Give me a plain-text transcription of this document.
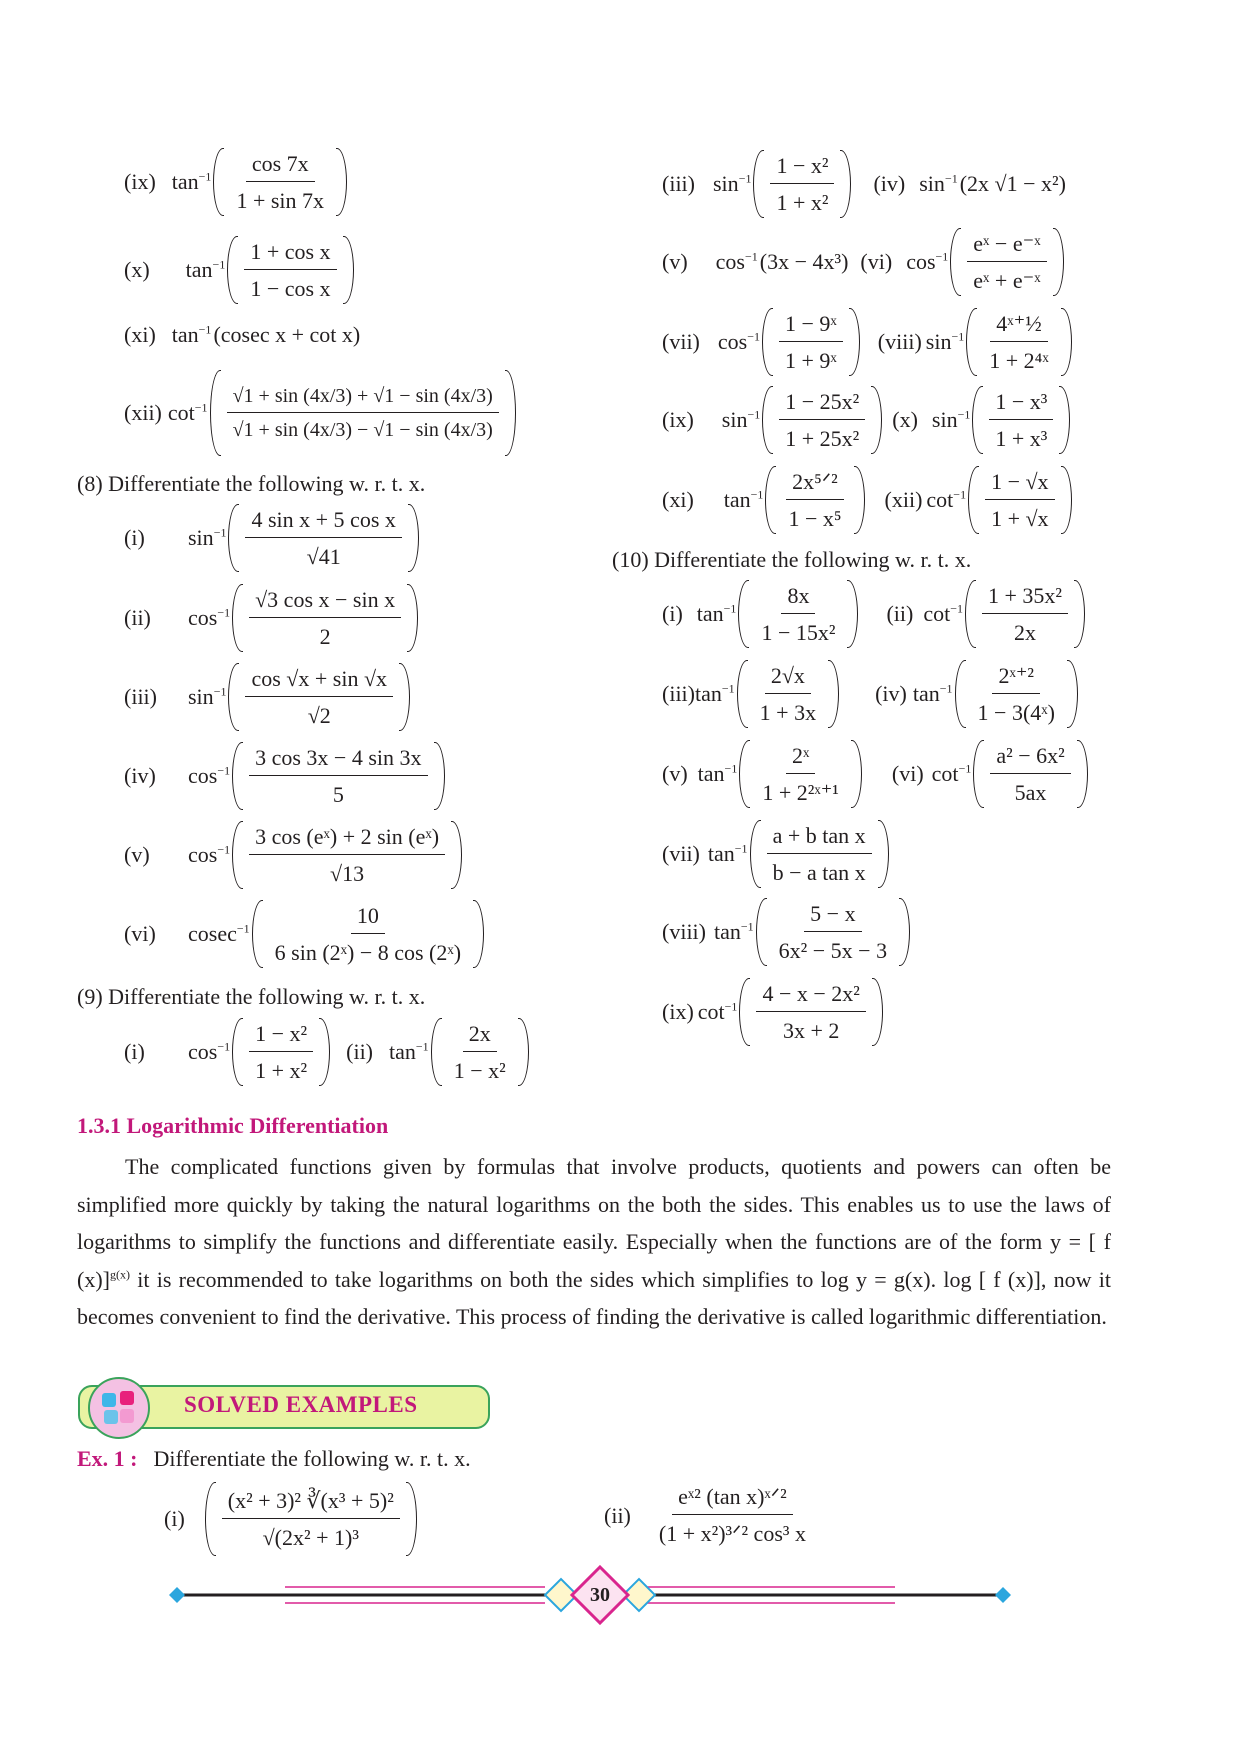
(ix) $\tan^{-1} \frac{\cos 7x}{1 + \sin 7x}$
(x) $\tan^{-1} \frac{\text{1 + cos x}}{\text{1 − cos x}}$
(xi) $\tan^{-1} (cosec$ x + cot x)
(xii) $\cot^{-1} \frac{√1 + \sin (4x/3) + √1 - \sin (4x/3)}{√1 + \sin (4x/3) - √1 - \sin (4x/3)}$
(8) Differentiate the following w. r. t. x.
(i)	$\sin^{-1} \frac{\text{4 sin x + 5 cos x}}{√41}$
(ii)	$\cos^{-1} \frac{\text{√3 cos x − sin x}}{2}$
(iii)	$\sin^{-1} \frac{\cos √x + \sin √x}{√2}$
(iv)	$\cos^{-1} \frac{3 \cos 3x - 4 \sin 3x}{5}$
(v)	$\cos^{-1} \frac{\text{3 cos (eˣ) + 2 sin (eˣ)}}{√13}$
(vi)	$cosec^{-1} \frac{10}{\text{6 sin (2ˣ) − 8 cos (2ˣ)}}$
(9) Differentiate the following w. r. t. x.
(i)	$\cos^{-1} \frac{\text{1 − x²}}{\text{1 + x²}} (ii)$ $\tan^{-1} \frac{2x}{\text{1 − x²}}$
(iii) $\sin^{-1} \frac{\text{1 − x²}}{\text{1 + x²}} (iv)$ $\sin^{-1} (2x$ √1 − x²)
(v) $\cos^{-1} (3x - 4x^3)$ (vi) $\cos^{-1} \frac{\text{eˣ − e⁻ˣ}}{\text{eˣ + e⁻ˣ}}$
(vii) $\cos^{-1} \frac{\text{1 − 9ˣ}}{\text{1 + 9ˣ}}$ (viii) $\sin^{-1} \frac{\text{4ˣ⁺½}}{\text{1 + 2⁴ˣ}}$
(ix) $\sin^{-1} \frac{\text{1 − 25x²}}{\text{1 + 25x²}} (x)$ $\sin^{-1} \frac{\text{1 − x³}}{\text{1 + x³}}$
(xi) $\tan^{-1} \frac{\text{2x⁵ᐟ²}}{\text{1 − x⁵}} (xii)$ $\cot^{-1} \frac{1 - √x}{1 + √x}$
(10) Differentiate the following w. r. t. x.
(i) $\tan^{-1} \frac{8x}{\text{1 − 15x²}} (ii)$ $\cot^{-1} \frac{\text{1 + 35x²}}{2x}$
(iii) $\tan^{-1} \frac{2√x}{1 + 3x} (iv)$ $\tan^{-1} \frac{\text{2ˣ⁺²}}{\text{1 − 3(4ˣ)}}$
(v) $\tan^{-1} \frac{\text{2ˣ}}{\text{1 + 2²ˣ⁺¹}} (vi)$ $\cot^{-1} \frac{\text{a² − 6x²}}{5ax}$
(vii) $\tan^{-1} \frac{\text{a + b tan x}}{\text{b − a tan x}}$
(viii) $\tan^{-1} \frac{5 - x}{\text{6x² − 5x − 3}}$
(ix) $\cot^{-1} \frac{\text{4 − x − 2x²}}{3x + 2}$
1.3.1 Logarithmic Differentiation
The complicated functions given by formulas that involve products, quotients and powers can often be simplified more quickly by taking the natural logarithms on the both the sides. This enables us to use the laws of logarithms to simplify the functions and differentiate easily. Especially when the functions are of the form y = [ f (x)]$^{g(x)}$ it is recommended to take logarithms on both the sides which simplifies to log y = g(x). log [ f (x)], now it becomes convenient to find the derivative. This process of finding the derivative is called logarithmic differentiation.
SOLVED EXAMPLES
Ex. 1 : Differentiate the following w. r. t. x.
$(i) \frac{\text{(x² + 3)² ∛(x³ + 5)²}}{\text{√(2x² + 1)³}}$	$(ii) \frac{\text{eˣ² (tan x)ˣᐟ²}}{\text{(1 + x²)³ᐟ² cos³ x}}$
30
